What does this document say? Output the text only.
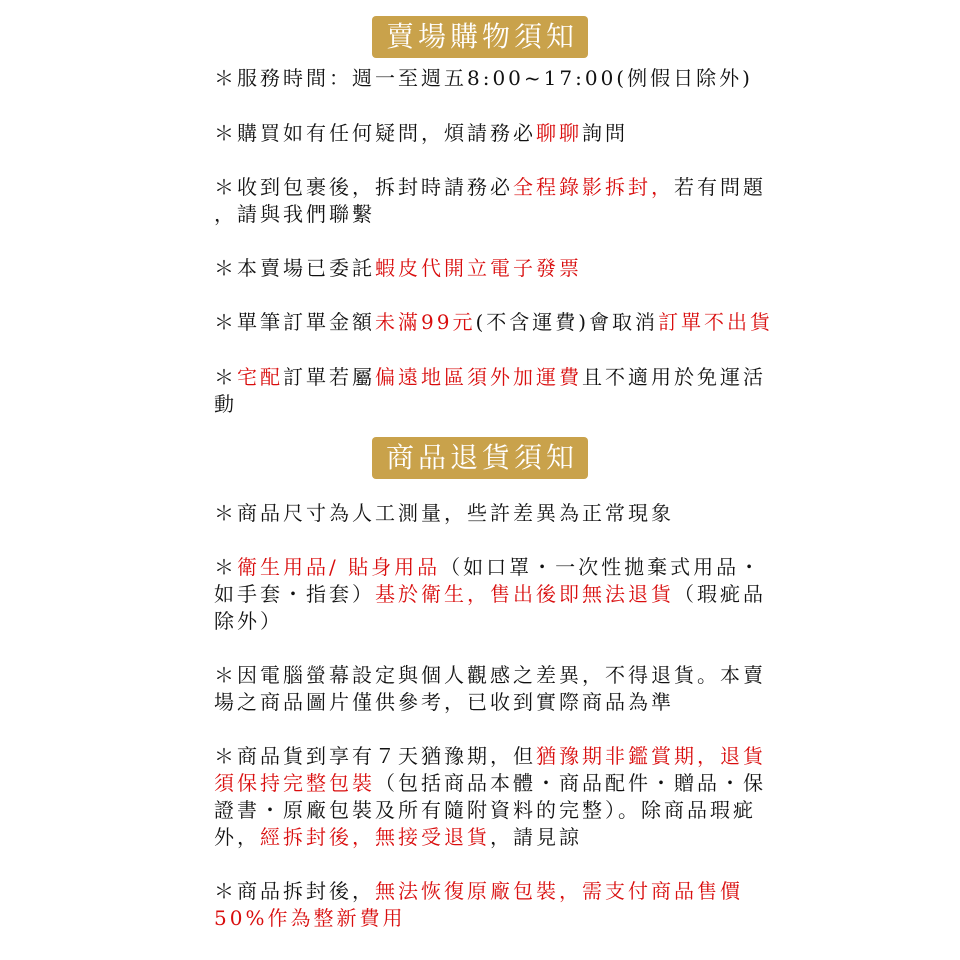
賣場購物須知
＊服務時間：週一至週五8:00~17:00(例假日除外)
＊購買如有任何疑問，煩請務必聊聊詢問
＊收到包裹後，拆封時請務必全程錄影拆封，若有問題
，請與我們聯繫
＊本賣場已委託蝦皮代開立電子發票
＊單筆訂單金額未滿99元(不含運費)會取消訂單不出貨
＊宅配訂單若屬偏遠地區須外加運費且不適用於免運活
動
商品退貨須知
＊商品尺寸為人工測量，些許差異為正常現象
＊衛生用品/ 貼身用品（如口罩・一次性拋棄式用品・
如手套・指套）基於衛生，售出後即無法退貨（瑕疵品
除外）
＊因電腦螢幕設定與個人觀感之差異，不得退貨。本賣
場之商品圖片僅供參考，已收到實際商品為準
＊商品貨到享有７天猶豫期，但猶豫期非鑑賞期，退貨
須保持完整包裝（包括商品本體・商品配件・贈品・保
證書・原廠包裝及所有隨附資料的完整）。除商品瑕疵
外，經拆封後，無接受退貨，請見諒
＊商品拆封後，無法恢復原廠包裝，需支付商品售價
50%作為整新費用
